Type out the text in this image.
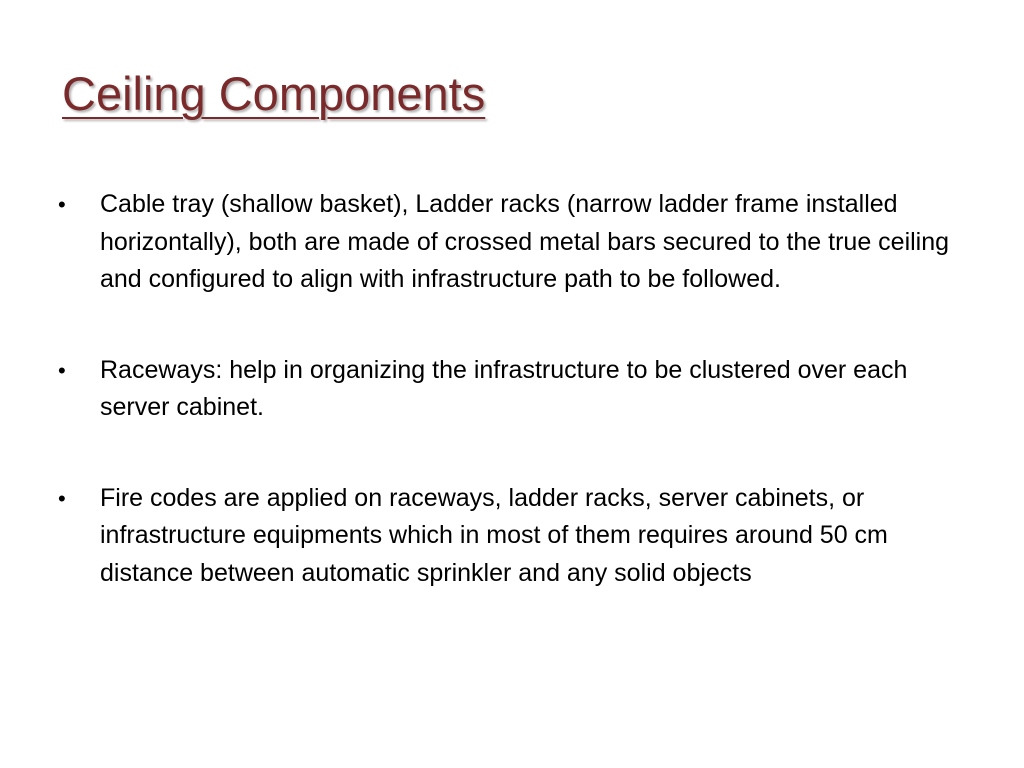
Ceiling Components
• Cable tray (shallow basket), Ladder racks (narrow ladder frame installed horizontally), both are made of crossed metal bars secured to the true ceiling and configured to align with infrastructure path to be followed.
• Raceways: help in organizing the infrastructure to be clustered over each server cabinet.
• Fire codes are applied on raceways, ladder racks, server cabinets, or infrastructure equipments which in most of them requires around 50 cm distance between automatic sprinkler and any solid objects
